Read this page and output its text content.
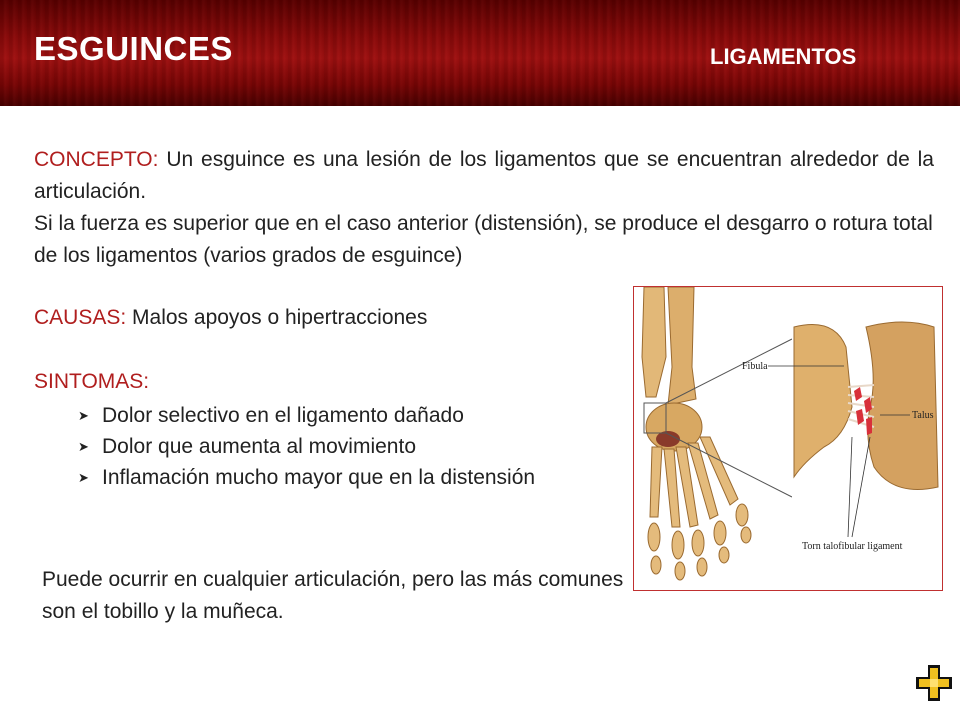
ESGUINCES	LIGAMENTOS

CONCEPTO: Un esguince es una lesión de los ligamentos que se encuentran alrededor de la articulación.

Si la fuerza es superior que en el caso anterior (distensión), se produce el desgarro o rotura total de los ligamentos (varios grados de esguince)

CAUSAS: Malos apoyos o hipertracciones
SINTOMAS:
➤ Dolor selectivo en el ligamento dañado
➤ Dolor que aumenta al movimiento
➤ Inflamación mucho mayor que en la distensión
Puede ocurrir en cualquier articulación, pero las más comunes son el tobillo y la muñeca.
Fibula
Talus
Torn talofibular ligament
